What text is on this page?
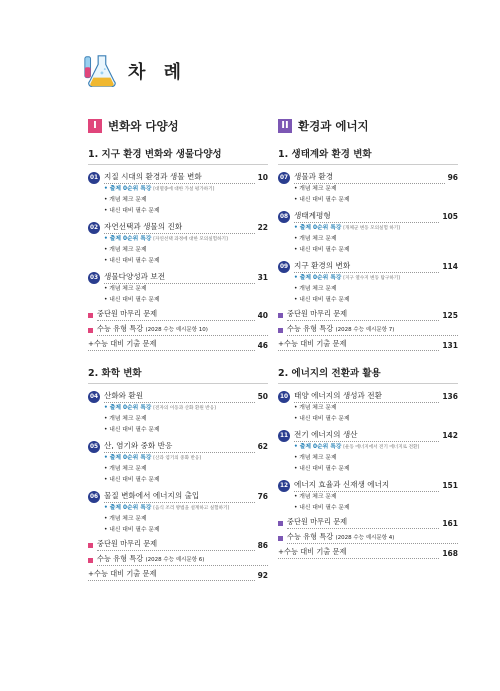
차 례
I 변화와 다양성
1. 지구 환경 변화와 생물다양성
01 지질 시대의 환경과 생물 변화	10
• 출제 0순위 특강 [대멸종에 대한 가설 평가하기]
• 개념 체크 문제
• 내신 대비 필수 문제
02 자연선택과 생물의 진화	22
• 출제 0순위 특강 [자연선택 과정에 대한 모의실험하기]
• 개념 체크 문제
• 내신 대비 필수 문제
03 생물다양성과 보전	31
• 개념 체크 문제
• 내신 대비 필수 문제
중단원 마무리 문제	40
수능 유형 특강 (2028 수능 예시문항 10)
+수능 대비 기출 문제	46
2. 화학 변화
04 산화와 환원	50
• 출제 0순위 특강 [전자의 이동과 산화 환원 반응]
• 개념 체크 문제
• 내신 대비 필수 문제
05 산, 염기와 중화 반응	62
• 출제 0순위 특강 [산과 염기의 중화 반응]
• 개념 체크 문제
• 내신 대비 필수 문제
06 물질 변화에서 에너지의 출입	76
• 출제 0순위 특강 [음식 조리 방법을 설계하고 실험하기]
• 개념 체크 문제
• 내신 대비 필수 문제
중단원 마무리 문제	86
수능 유형 특강 (2028 수능 예시문항 6)
+수능 대비 기출 문제	92
II 환경과 에너지
1. 생태계와 환경 변화
07 생물과 환경	96
• 개념 체크 문제
• 내신 대비 필수 문제
08 생태계평형	105
• 출제 0순위 특강 [개체군 변동 모의실험 하기]
• 개념 체크 문제
• 내신 대비 필수 문제
09 지구 환경의 변화	114
• 출제 0순위 특강 [지구 열수지 변동 탐구하기]
• 개념 체크 문제
• 내신 대비 필수 문제
중단원 마무리 문제	125
수능 유형 특강 (2028 수능 예시문항 7)
+수능 대비 기출 문제	131
2. 에너지의 전환과 활용
10 태양 에너지의 생성과 전환	136
• 개념 체크 문제
• 내신 대비 필수 문제
11 전기 에너지의 생산	142
• 출제 0순위 특강 [운동 에너지에서 전기 에너지로 전환]
• 개념 체크 문제
• 내신 대비 필수 문제
12 에너지 효율과 신재생 에너지	151
• 개념 체크 문제
• 내신 대비 필수 문제
중단원 마무리 문제	161
수능 유형 특강 (2028 수능 예시문항 4)
+수능 대비 기출 문제	168
